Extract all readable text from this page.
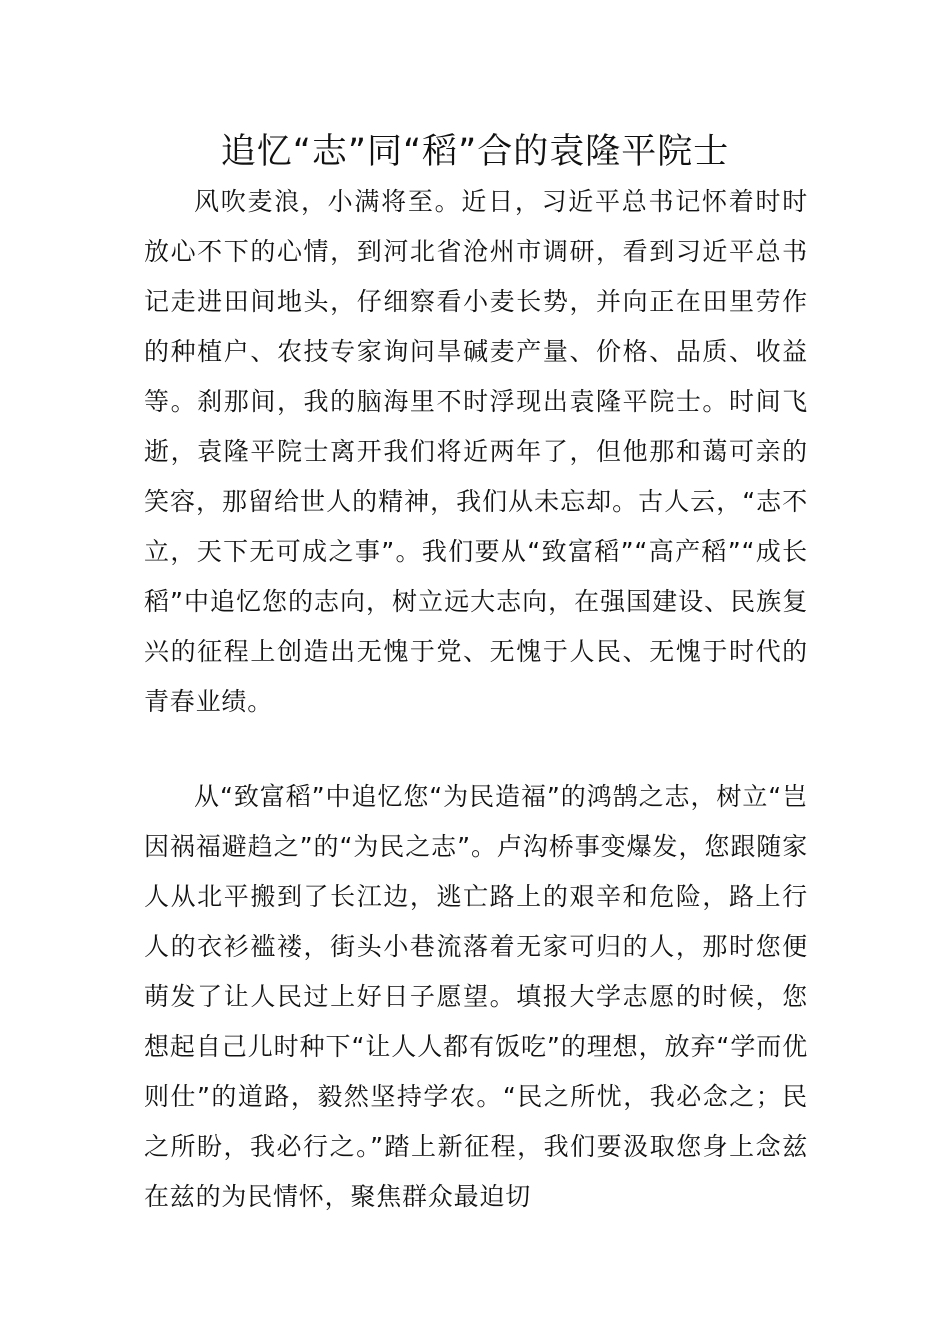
追忆“志”同“稻”合的袁隆平院士

风吹麦浪，小满将至。近日，习近平总书记怀着时时放心不下的心情，到河北省沧州市调研，看到习近平总书记走进田间地头，仔细察看小麦长势，并向正在田里劳作的种植户、农技专家询问旱碱麦产量、价格、品质、收益等。刹那间，我的脑海里不时浮现出袁隆平院士。时间飞逝，袁隆平院士离开我们将近两年了，但他那和蔼可亲的笑容，那留给世人的精神，我们从未忘却。古人云，“志不立，天下无可成之事”。我们要从“致富稻”“高产稻”“成长稻”中追忆您的志向，树立远大志向，在强国建设、民族复兴的征程上创造出无愧于党、无愧于人民、无愧于时代的青春业绩。

从“致富稻”中追忆您“为民造福”的鸿鹄之志，树立“岂因祸福避趋之”的“为民之志”。卢沟桥事变爆发，您跟随家人从北平搬到了长江边，逃亡路上的艰辛和危险，路上行人的衣衫褴褛，街头小巷流落着无家可归的人，那时您便萌发了让人民过上好日子愿望。填报大学志愿的时候，您想起自己儿时种下“让人人都有饭吃”的理想，放弃“学而优则仕”的道路，毅然坚持学农。“民之所忧，我必念之；民之所盼，我必行之。”踏上新征程，我们要汲取您身上念兹在兹的为民情怀，聚焦群众最迫切
